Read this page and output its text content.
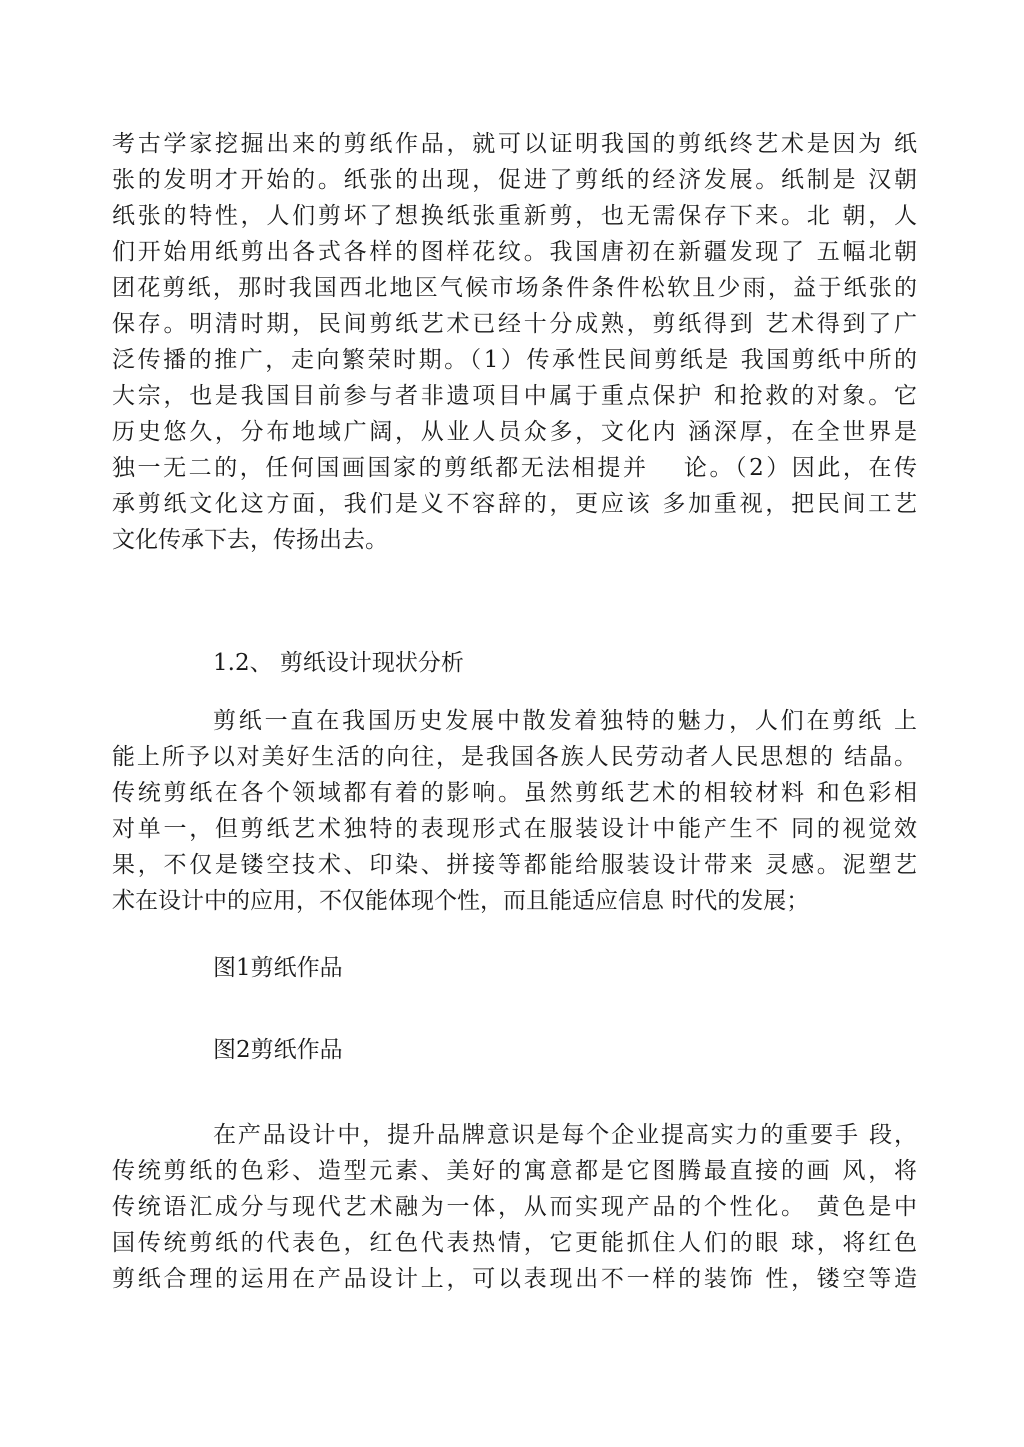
考古学家挖掘出来的剪纸作品，就可以证明我国的剪纸终艺术是因为 纸
张的发明才开始的。纸张的出现，促进了剪纸的经济发展。纸制是 汉朝
纸张的特性，人们剪坏了想换纸张重新剪，也无需保存下来。北 朝，人
们开始用纸剪出各式各样的图样花纹。我国唐初在新疆发现了 五幅北朝
团花剪纸，那时我国西北地区气候市场条件条件松软且少雨，益于纸张的
保存。明清时期，民间剪纸艺术已经十分成熟，剪纸得到 艺术得到了广
泛传播的推广，走向繁荣时期。（1）传承性民间剪纸是 我国剪纸中所的
大宗，也是我国目前参与者非遗项目中属于重点保护 和抢救的对象。它
历史悠久，分布地域广阔，从业人员众多，文化内 涵深厚，在全世界是
独一无二的，任何国画国家的剪纸都无法相提并　 论。（2）因此，在传
承剪纸文化这方面，我们是义不容辞的，更应该 多加重视，把民间工艺
文化传承下去，传扬出去。
1.2、 剪纸设计现状分析
剪纸一直在我国历史发展中散发着独特的魅力，人们在剪纸 上
能上所予以对美好生活的向往，是我国各族人民劳动者人民思想的 结晶。
传统剪纸在各个领域都有着的影响。虽然剪纸艺术的相较材料 和色彩相
对单一，但剪纸艺术独特的表现形式在服装设计中能产生不 同的视觉效
果，不仅是镂空技术、印染、拼接等都能给服装设计带来 灵感。泥塑艺
术在设计中的应用，不仅能体现个性，而且能适应信息 时代的发展；
图1剪纸作品
图2剪纸作品
在产品设计中，提升品牌意识是每个企业提高实力的重要手 段，
传统剪纸的色彩、造型元素、美好的寓意都是它图腾最直接的画 风，将
传统语汇成分与现代艺术融为一体，从而实现产品的个性化。 黄色是中
国传统剪纸的代表色，红色代表热情，它更能抓住人们的眼 球，将红色
剪纸合理的运用在产品设计上，可以表现出不一样的装饰 性，镂空等造
